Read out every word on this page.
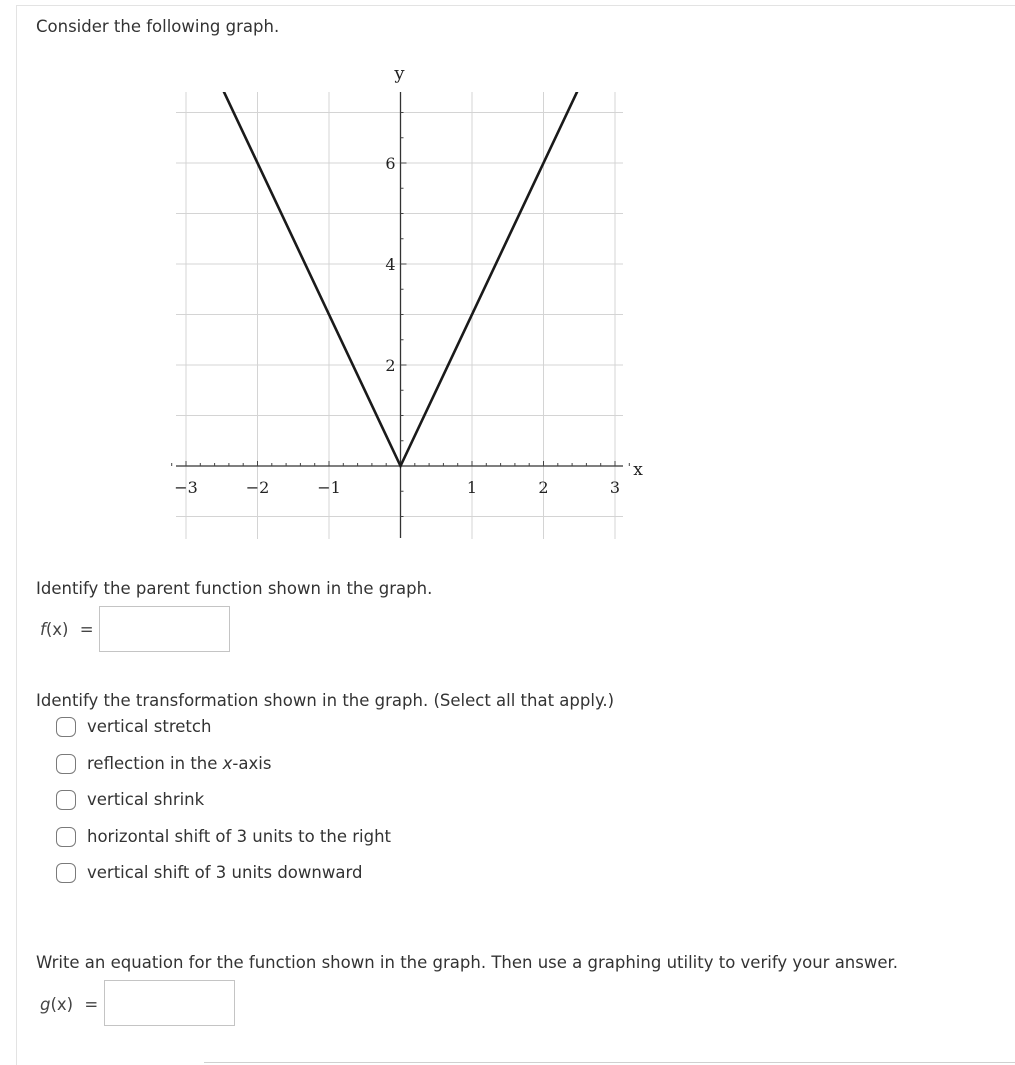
Consider the following graph.
−3	−2	−1	1	2	3
2
4
6
x
y
Identify the parent function shown in the graph.
f(x) =
Identify the transformation shown in the graph. (Select all that apply.)
vertical stretch
reflection in the x-axis
vertical shrink
horizontal shift of 3 units to the right
vertical shift of 3 units downward
Write an equation for the function shown in the graph. Then use a graphing utility to verify your answer.
g(x) =
